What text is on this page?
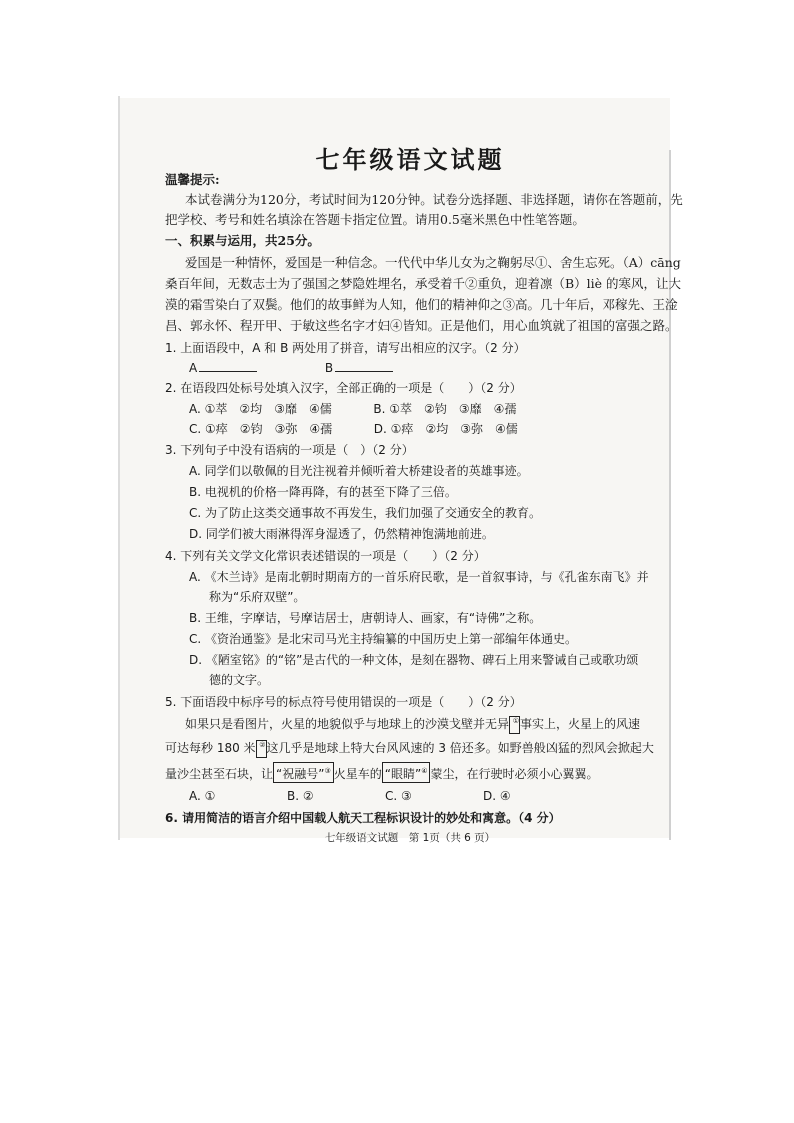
七年级语文试题
温馨提示:
本试卷满分为120分，考试时间为120分钟。试卷分选择题、非选择题，请你在答题前，先
把学校、考号和姓名填涂在答题卡指定位置。请用0.5毫米黑色中性笔答题。
一、积累与运用，共25分。
爱国是一种情怀，爱国是一种信念。一代代中华儿女为之鞠躬尽①、舍生忘死。（A）cāng
桑百年间，无数志士为了强国之梦隐姓埋名，承受着千②重负，迎着凛（B）liè 的寒风，让大
漠的霜雪染白了双鬓。他们的故事鲜为人知，他们的精神仰之③高。几十年后，邓稼先、王淦
昌、郭永怀、程开甲、于敏这些名字才妇④皆知。正是他们，用心血筑就了祖国的富强之路。
1. 上面语段中，A 和 B 两处用了拼音，请写出相应的汉字。（2 分）
A	B
2. 在语段四处标号处填入汉字，全部正确的一项是（　　）（2 分）
A. ①萃　 ②均　 ③靡　 ④儒	B. ①萃　 ②钧　 ③靡　 ④孺
C. ①瘁　 ②钧　 ③弥　 ④孺	D. ①瘁　 ②均　 ③弥　 ④儒
3. 下列句子中没有语病的一项是（　）（2 分）
A. 同学们以敬佩的目光注视着并倾听着大桥建设者的英雄事迹。
B. 电视机的价格一降再降，有的甚至下降了三倍。
C. 为了防止这类交通事故不再发生，我们加强了交通安全的教育。
D. 同学们被大雨淋得浑身湿透了，仍然精神饱满地前进。
4. 下列有关文学文化常识表述错误的一项是（　　）（2 分）
A. 《木兰诗》是南北朝时期南方的一首乐府民歌，是一首叙事诗，与《孔雀东南飞》并
称为“乐府双壁”。
B. 王维，字摩诘，号摩诘居士，唐朝诗人、画家，有“诗佛”之称。
C. 《资治通鉴》是北宋司马光主持编纂的中国历史上第一部编年体通史。
D. 《陋室铭》的“铭”是古代的一种文体，是刻在器物、碑石上用来警诫自己或歌功颂
德的文字。
5. 下面语段中标序号的标点符号使用错误的一项是（　　）（2 分）
如果只是看图片，火星的地貌似乎与地球上的沙漠戈壁并无异 ①事实上，火星上的风速
可达每秒 180 米 ②这几乎是地球上特大台风风速的 3 倍还多。如野兽般凶猛的烈风会掀起大
量沙尘甚至石块，让 “祝融号”③ 火星车的 “眼睛”④ 蒙尘，在行驶时必须小心翼翼。
A. ①	B. ②	C. ③	D. ④
6. 请用简洁的语言介绍中国载人航天工程标识设计的妙处和寓意。（4 分）
七年级语文试题　第 1页（共 6 页）
